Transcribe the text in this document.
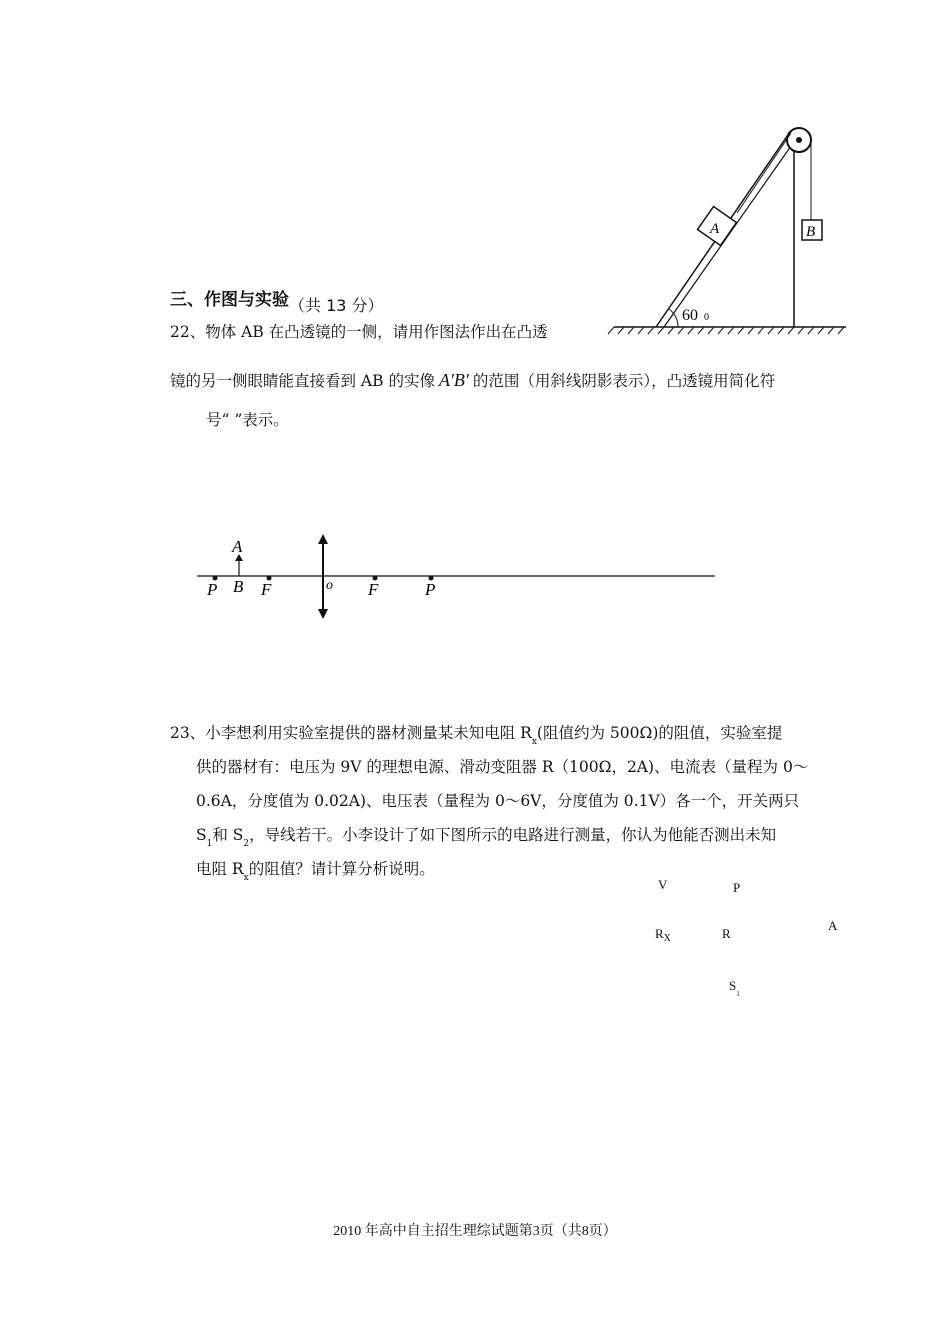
A	B
60 0
三、作图与实验（共 13 分）
22、物体 AB 在凸透镜的一侧，请用作图法作出在凸透
镜的另一侧眼睛能直接看到 AB 的实像 A′B′ 的范围（用斜线阴影表示），凸透镜用简化符
号“ ”表示。
A
B
P	F	o F	P
23、小李想利用实验室提供的器材测量某未知电阻 $R_x$(阻值约为 500Ω)的阻值，实验室提
供的器材有：电压为 9V 的理想电源、滑动变阻器 R（100Ω，2A)、电流表（量程为 0～
0.6A，分度值为 0.02A)、电压表（量程为 0～6V，分度值为 0.1V）各一个，开关两只
$S_1$和 $S_2$，导线若干。小李设计了如下图所示的电路进行测量，你认为他能否测出未知
电阻 $R_x$的阻值？请计算分析说明。
V	P
$R_X$	R
A
$S_1$
2010 年高中自主招生理综试题第3页（共8页）
